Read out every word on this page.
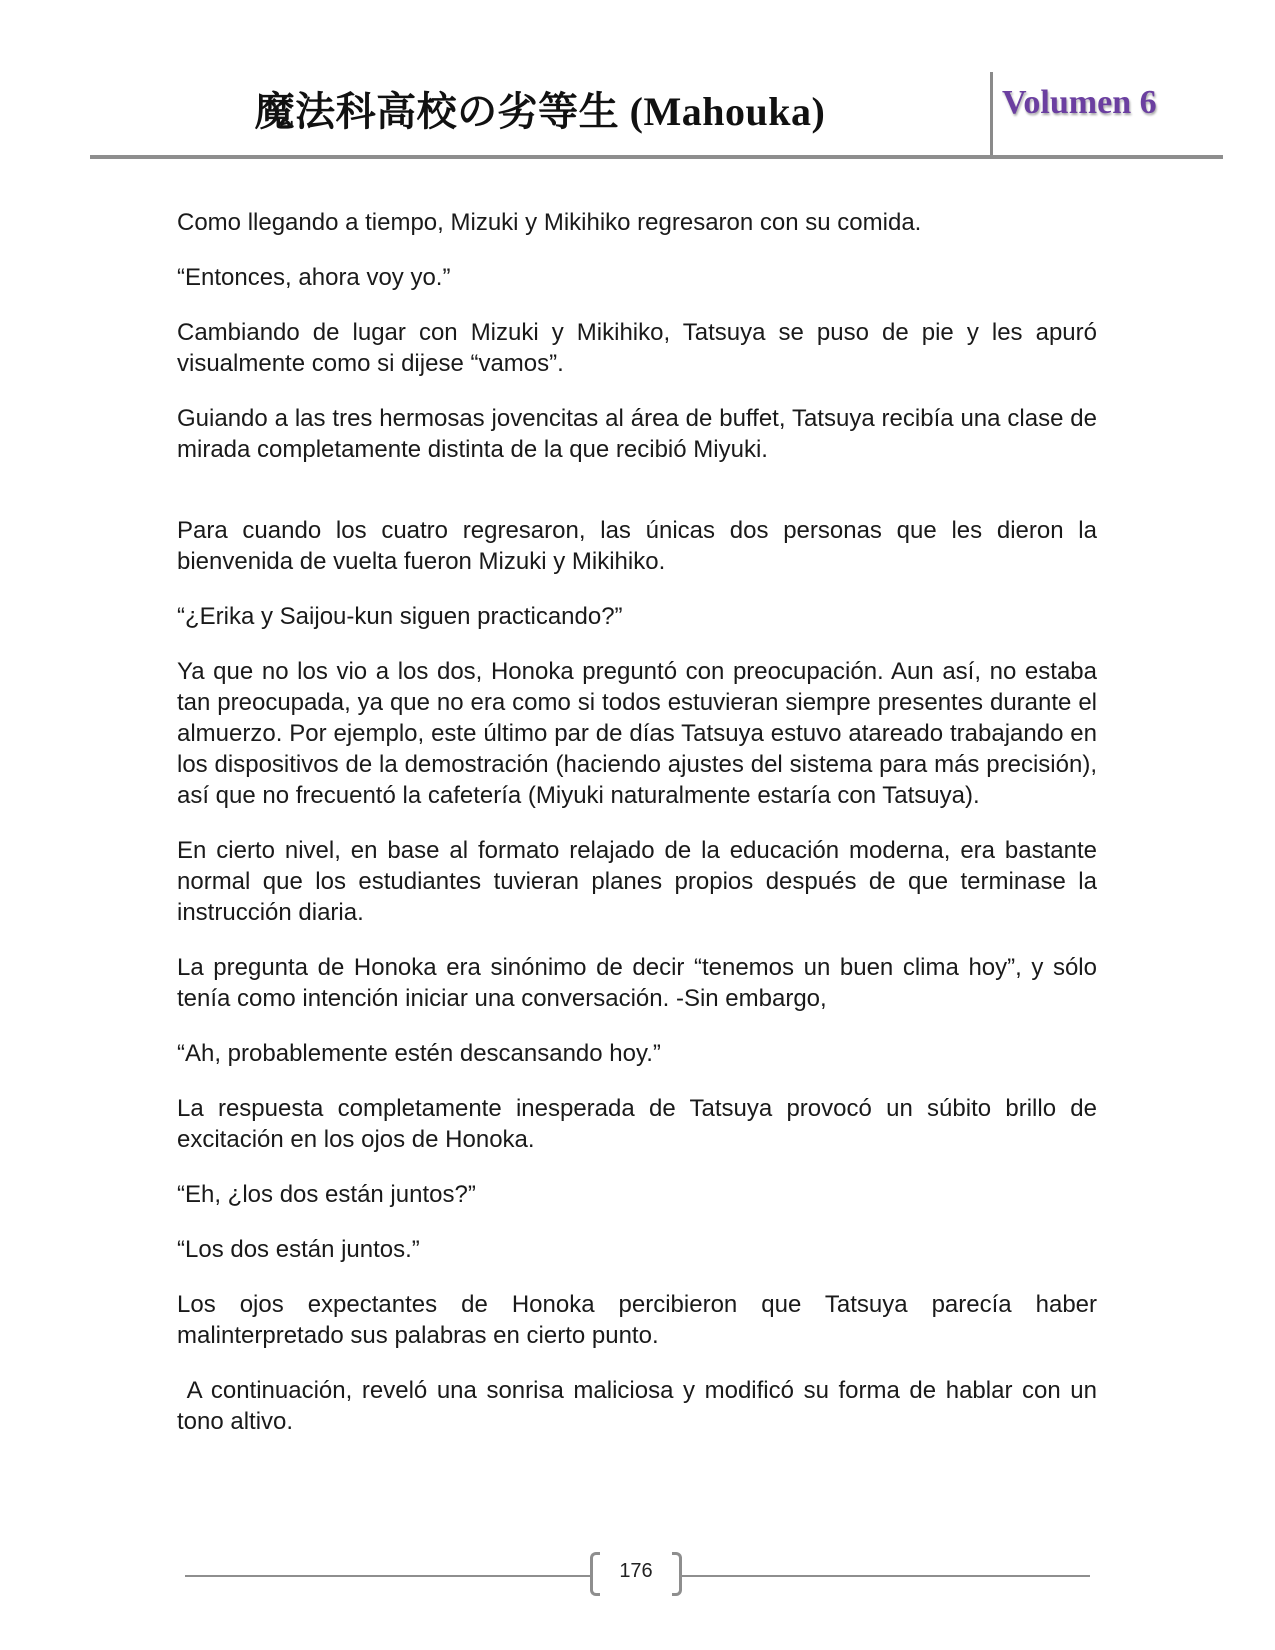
魔法科高校の劣等生 (Mahouka)	Volumen 6

Como llegando a tiempo, Mizuki y Mikihiko regresaron con su comida.

“Entonces, ahora voy yo.”

Cambiando de lugar con Mizuki y Mikihiko, Tatsuya se puso de pie y les apuró visualmente como si dijese “vamos”.

Guiando a las tres hermosas jovencitas al área de buffet, Tatsuya recibía una clase de mirada completamente distinta de la que recibió Miyuki.

Para cuando los cuatro regresaron, las únicas dos personas que les dieron la bienvenida de vuelta fueron Mizuki y Mikihiko.

“¿Erika y Saijou-kun siguen practicando?”

Ya que no los vio a los dos, Honoka preguntó con preocupación. Aun así, no estaba tan preocupada, ya que no era como si todos estuvieran siempre presentes durante el almuerzo. Por ejemplo, este último par de días Tatsuya estuvo atareado trabajando en los dispositivos de la demostración (haciendo ajustes del sistema para más precisión), así que no frecuentó la cafetería (Miyuki naturalmente estaría con Tatsuya).

En cierto nivel, en base al formato relajado de la educación moderna, era bastante normal que los estudiantes tuvieran planes propios después de que terminase la instrucción diaria.

La pregunta de Honoka era sinónimo de decir “tenemos un buen clima hoy”, y sólo tenía como intención iniciar una conversación. -Sin embargo,

“Ah, probablemente estén descansando hoy.”

La respuesta completamente inesperada de Tatsuya provocó un súbito brillo de excitación en los ojos de Honoka.

“Eh, ¿los dos están juntos?”

“Los dos están juntos.”

Los ojos expectantes de Honoka percibieron que Tatsuya parecía haber malinterpretado sus palabras en cierto punto.

A continuación, reveló una sonrisa maliciosa y modificó su forma de hablar con un tono altivo.

176
